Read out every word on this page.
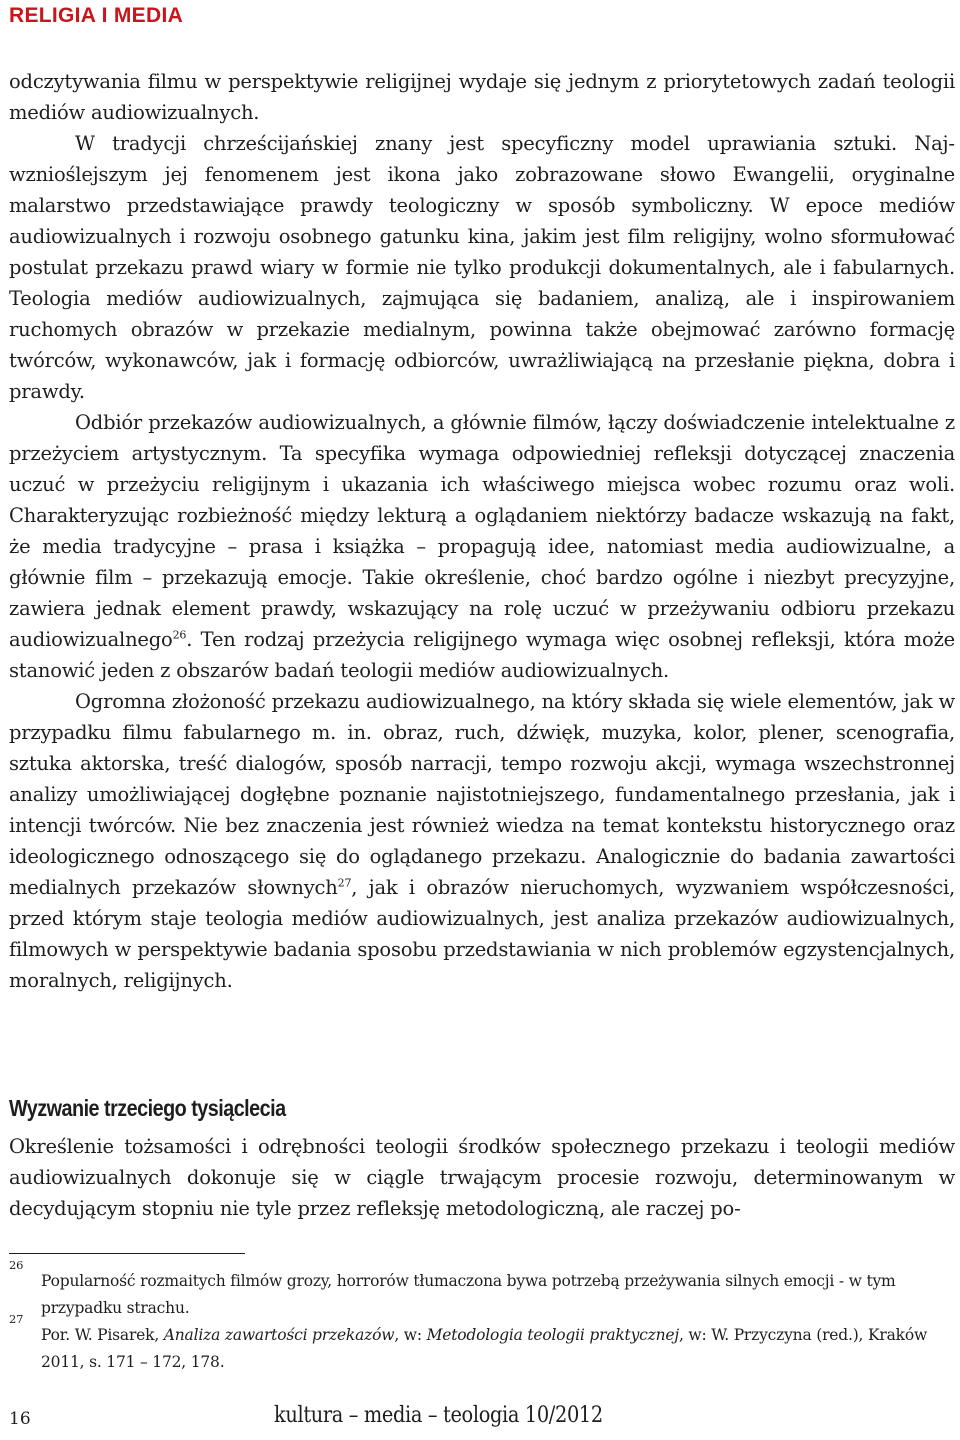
RELIGIA I MEDIA

odczytywania filmu w perspektywie religijnej wydaje się jednym z priorytetowych zadań teologii mediów audiowizualnych.

W tradycji chrześcijańskiej znany jest specyficzny model uprawiania sztuki. Najwznioślejszym jej fenomenem jest ikona jako zobrazowane słowo Ewangelii, oryginalne malarstwo przedstawiające prawdy teologiczny w sposób symboliczny. W epoce mediów audiowizualnych i rozwoju osobnego gatunku kina, jakim jest film religijny, wolno sformułować postulat przekazu prawd wiary w formie nie tylko produkcji dokumentalnych, ale i fabularnych. Teologia mediów audiowizualnych, zajmująca się badaniem, analizą, ale i inspirowaniem ruchomych obrazów w przekazie medialnym, powinna także obejmować zarówno formację twórców, wykonawców, jak i formację odbiorców, uwrażliwiającą na przesłanie piękna, dobra i prawdy.

Odbiór przekazów audiowizualnych, a głównie filmów, łączy doświadczenie intelektualne z przeżyciem artystycznym. Ta specyfika wymaga odpowiedniej refleksji dotyczącej znaczenia uczuć w przeżyciu religijnym i ukazania ich właściwego miejsca wobec rozumu oraz woli. Charakteryzując rozbieżność między lekturą a oglądaniem niektórzy badacze wskazują na fakt, że media tradycyjne – prasa i książka – propagują idee, natomiast media audiowizualne, a głównie film – przekazują emocje. Takie określenie, choć bardzo ogólne i niezbyt precyzyjne, zawiera jednak element prawdy, wskazujący na rolę uczuć w przeżywaniu odbioru przekazu audiowizualnego$^{26}$. Ten rodzaj przeżycia religijnego wymaga więc osobnej refleksji, która może stanowić jeden z obszarów badań teologii mediów audiowizualnych.

Ogromna złożoność przekazu audiowizualnego, na który składa się wiele elementów, jak w przypadku filmu fabularnego m. in. obraz, ruch, dźwięk, muzyka, kolor, plener, scenografia, sztuka aktorska, treść dialogów, sposób narracji, tempo rozwoju akcji, wymaga wszechstronnej analizy umożliwiającej dogłębne poznanie najistotniejszego, fundamentalnego przesłania, jak i intencji twórców. Nie bez znaczenia jest również wiedza na temat kontekstu historycznego oraz ideologicznego odnoszącego się do oglądanego przekazu. Analogicznie do badania zawartości medialnych przekazów słownych$^{27}$, jak i obrazów nieruchomych, wyzwaniem współczesności, przed którym staje teologia mediów audiowizualnych, jest analiza przekazów audiowizualnych, filmowych w perspektywie badania sposobu przedstawiania w nich problemów egzystencjalnych, moralnych, religijnych.

Wyzwanie trzeciego tysiąclecia

Określenie tożsamości i odrębności teologii środków społecznego przekazu i teologii mediów audiowizualnych dokonuje się w ciągle trwającym procesie rozwoju, determinowanym w decydującym stopniu nie tyle przez refleksję metodologiczną, ale raczej po-

26
Popularność rozmaitych filmów grozy, horrorów tłumaczona bywa potrzebą przeżywania silnych emocji - w tym przypadku strachu.
27
Por. W. Pisarek, Analiza zawartości przekazów, w: Metodologia teologii praktycznej, w: W. Przyczyna (red.), Kraków 2011, s. 171 – 172, 178.
16	kultura – media – teologia 10/2012
